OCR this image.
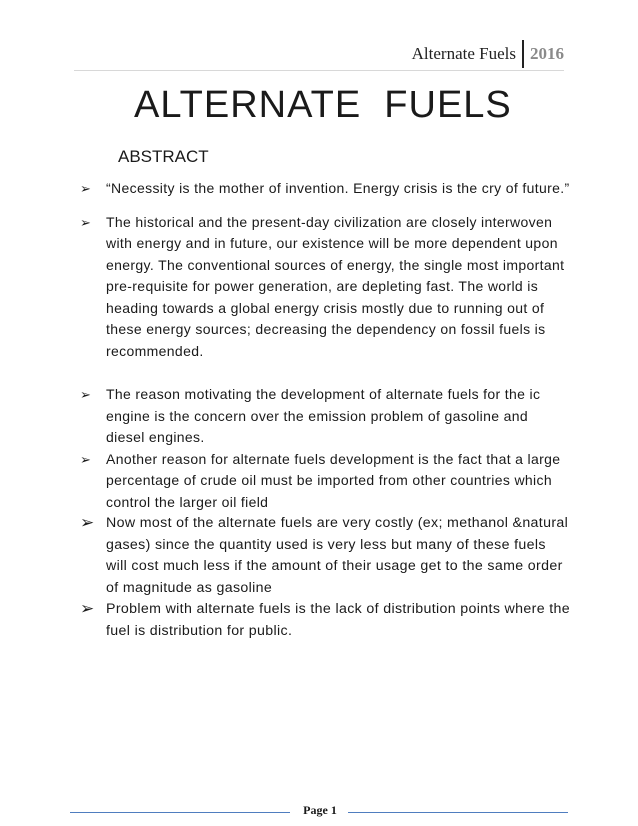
Alternate Fuels 2016
ALTERNATE  FUELS
ABSTRACT
➢ “Necessity is the mother of invention. Energy crisis is the cry of future.”
➢ The historical and the present-day civilization are closely interwoven with energy and in future, our existence will be more dependent upon energy. The conventional sources of energy, the single most important pre-requisite for power generation, are depleting fast. The world is heading towards a global energy crisis mostly due to running out of these energy sources; decreasing the dependency on fossil fuels is recommended.
➢ The reason motivating the development of alternate fuels for the ic engine is the concern over the emission problem of gasoline and diesel engines.
➢ Another reason for alternate fuels development is the fact that a large percentage of crude oil must be imported from other countries which control the larger oil field
➢ Now most of the alternate fuels are very costly (ex; methanol &natural gases) since the quantity used is very less but many of these fuels will cost much less if the amount of their usage get to the same order of magnitude as gasoline
➢ Problem with alternate fuels is the lack of distribution points where the fuel is distribution for public.
Page 1
